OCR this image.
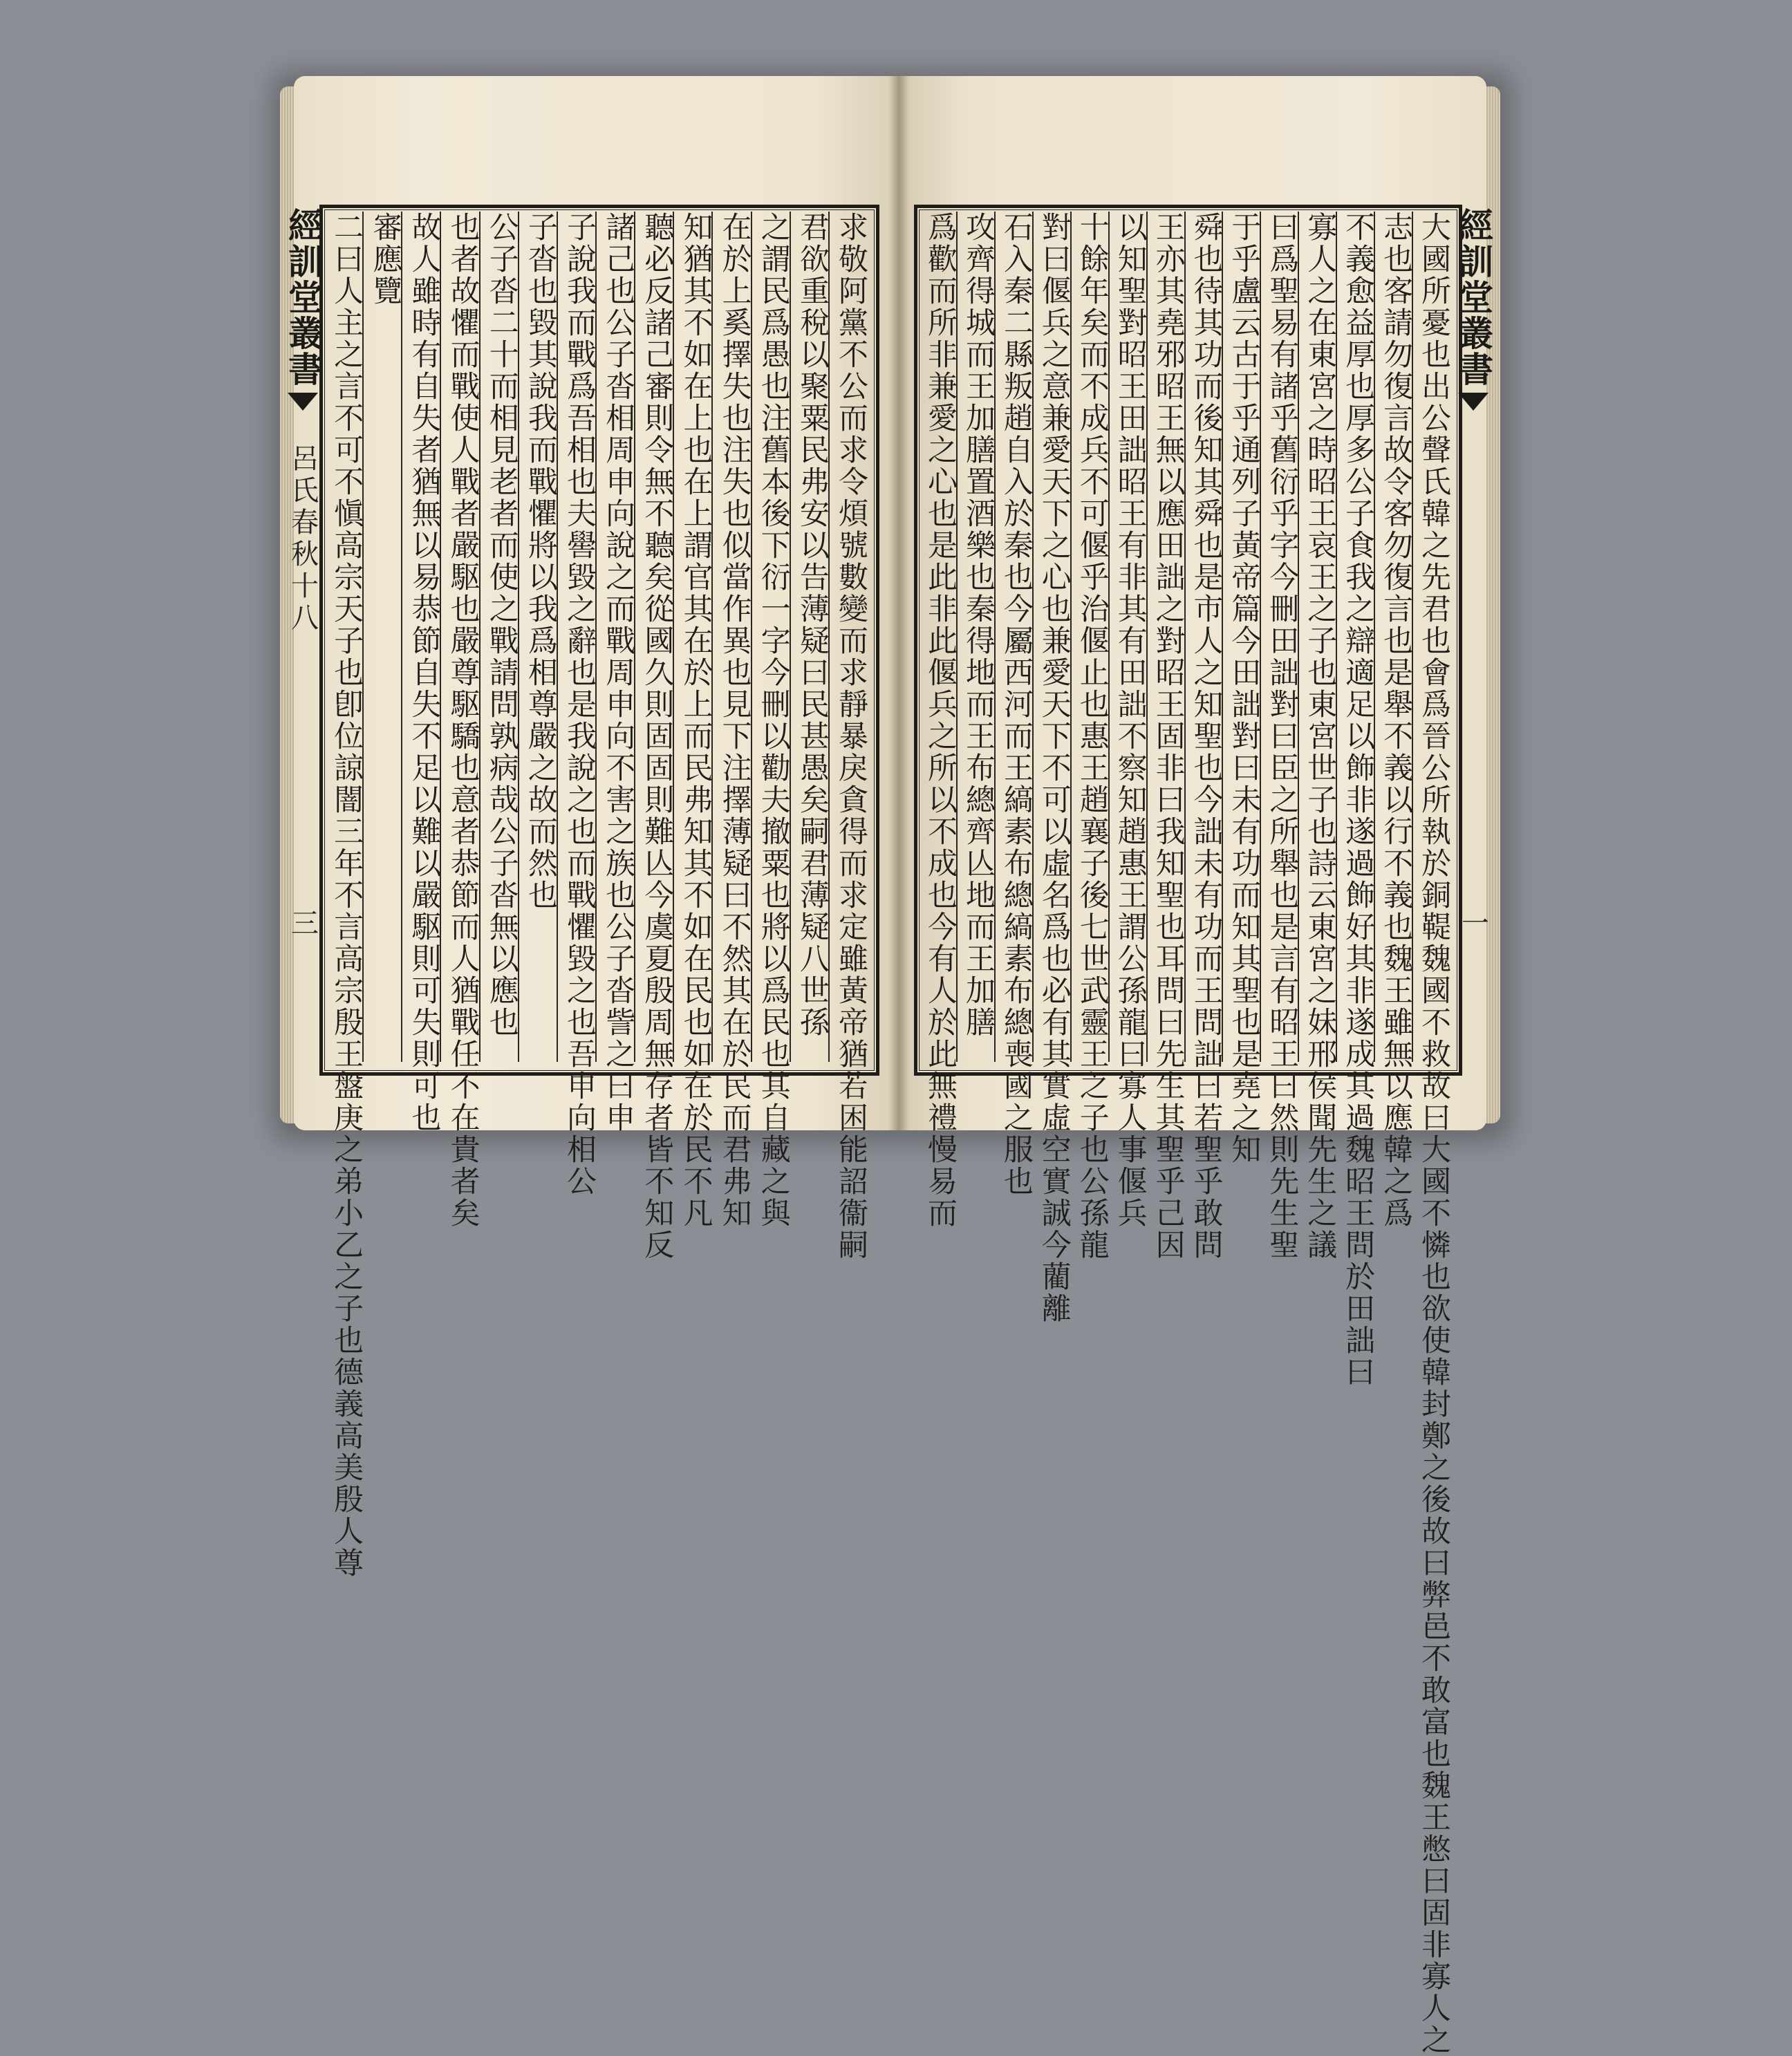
經訓堂叢書
呂氏春秋十八
三	求敬阿黨不公而求令煩號數變而求靜暴戾貪得而求定雖黃帝猶若困能詔衞嗣
君欲重稅以聚粟民弗安以告薄疑曰民甚愚矣嗣君薄疑八世孫
之謂民爲愚也注舊本後下衍一字今刪以勸夫撤粟也將以爲民也其自藏之與
在於上奚擇失也注失也似當作異也見下注擇薄疑曰不然其在於民而君弗知
知猶其不如在上也在上謂官其在於上而民弗知其不如在民也如在於民不凡
聽必反諸己審則令無不聽矣從國久則固固則難亾今虞夏殷周無存者皆不知反
諸己也公子沓相周申向說之而戰周申向不害之族也公子沓訾之曰申
子說我而戰爲吾相也夫嚳毀之辭也是我說之也而戰懼毀之也吾申向相公
子沓也毀其說我而戰懼將以我爲相尊嚴之故而然也
公子沓二十而相見老者而使之戰請問孰病哉公子沓無以應也
也者故懼而戰使人戰者嚴駆也嚴尊駆驕也意者恭節而人猶戰任不在貴者矣
故人雖時有自失者猶無以易恭節自失不足以難以嚴駆則可失則可也
審應覽
二曰人主之言不可不愼高宗天子也卽位諒闇三年不言高宗殷王盤庚之弟小乙之子也德義高美殷人尊	經訓堂叢書
一
大國所憂也出公聲氏韓之先君也會爲晉公所執於銅鞮魏國不救故曰大國不憐也欲使韓封鄭之後故曰弊邑不敢富也魏王憋曰固非寡人之
志也客請勿復言故令客勿復言也是舉不義以行不義也魏王雖無以應韓之爲
不義愈益厚也厚多公子食我之辯適足以飾非遂過飾好其非遂成其過魏昭王問於田詘曰
寡人之在東宮之時昭王哀王之子也東宮世子也詩云東宮之妹邢侯聞先生之議
曰爲聖易有諸乎舊衍乎字今刪田詘對曰臣之所舉也是言有昭王曰然則先生聖
于乎盧云古于乎通列子黃帝篇今田詘對曰未有功而知其聖也是堯之知
舜也待其功而後知其舜也是市人之知聖也今詘未有功而王問詘曰若聖乎敢問
王亦其堯邪昭王無以應田詘之對昭王固非曰我知聖也耳問曰先生其聖乎己因
以知聖對昭王田詘昭王有非其有田詘不察知趙惠王謂公孫龍曰寡人事偃兵
十餘年矣而不成兵不可偃乎治偃止也惠王趙襄子後七世武靈王之子也公孫龍
對曰偃兵之意兼愛天下之心也兼愛天下不可以虛名爲也必有其實虛空實誠今藺離
石入秦二縣叛趙自入於秦也今屬西河而王縞素布總縞素布總喪國之服也
攻齊得城而王加膳置酒樂也秦得地而王布總齊亾地而王加膳
爲歡而所非兼愛之心也是此非此偃兵之所以不成也今有人於此無禮慢易而
